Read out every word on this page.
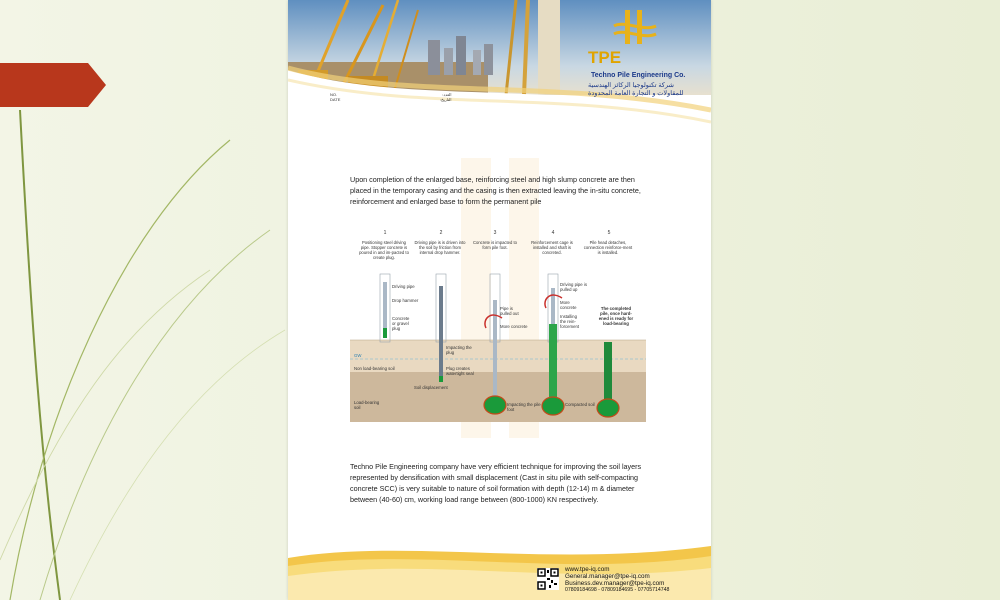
TPE
Techno Pile Engineering Co.
شركة تكنولوجيا الركائز الهندسية
للمقاولات و التجارة العامة المحدودة
NO.
DATE
العدد:
التاريخ:
Upon completion of the enlarged base, reinforcing steel and high slump concrete are then placed in the temporary casing and the casing is then extracted leaving the in-situ concrete, reinforcement and enlarged base to form the permanent pile
1	2	3	4	5
Positioning steel driving pipe. Stopper concrete is poured in and im-pacted to create plug.
Driving pipe is is driven into the soil by friction from internal drop hammer.
Concrete is impacted to form pile foot.
Reinforcement cage is installed and shaft is concreted.
Pile head detaches, connection reinforce-ment is installed.
Driving pipe
Drop hammer
Concrete or gravel plug
GW
Non load-bearing soil
Load-bearing soil
Impacting the plug
Plug creates watertight seal
Soil displacement
Pipe is pulled out
More concrete
Impacting the pile foot
Driving pipe is pulled up
More concrete
Installing the rein-forcement
Compacted soil
The completed pile, once hard-ened is ready for load-bearing
Techno Pile Engineering company have very efficient technique for improving the soil layers represented by densification with small displacement (Cast in situ pile with self-compacting concrete SCC) is very suitable to nature of soil formation with depth (12-14) m & diameter between (40-60) cm, working load range between (800-1000) KN respectively.
www.tpe-iq.com
General.manager@tpe-iq.com
Business.dev.manager@tpe-iq.com
07809184698 - 07809184695 - 07705714748
